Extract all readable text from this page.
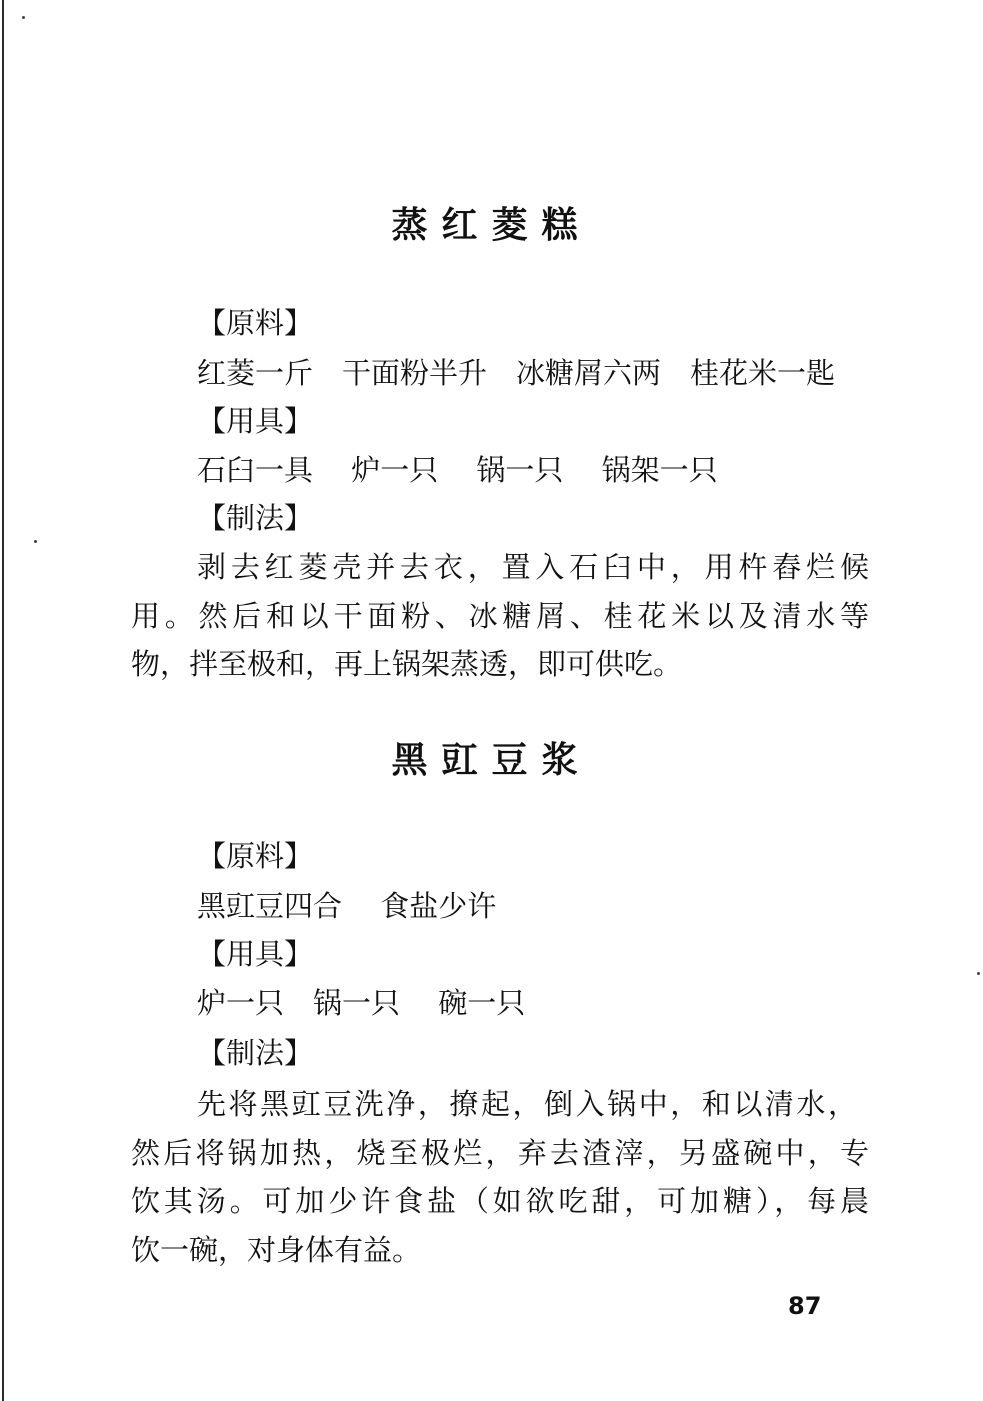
蒸红菱糕
【原料】
红菱一斤　干面粉半升　冰糖屑六两　桂花米一匙
【用具】
石臼一具　 炉一只　 锅一只　 锅架一只
【制法】
剥去红菱壳并去衣，置入石臼中，用杵舂烂候
用。然后和以干面粉、冰糖屑、桂花米以及清水等
物，拌至极和，再上锅架蒸透，即可供吃。
黑豇豆浆
【原料】
黑豇豆四合　 食盐少许
【用具】
炉一只　锅一只　 碗一只
【制法】
先将黑豇豆洗净，撩起，倒入锅中，和以清水，
然后将锅加热，烧至极烂，弃去渣滓，另盛碗中，专
饮其汤。可加少许食盐（如欲吃甜，可加糖），每晨
饮一碗，对身体有益。
87
